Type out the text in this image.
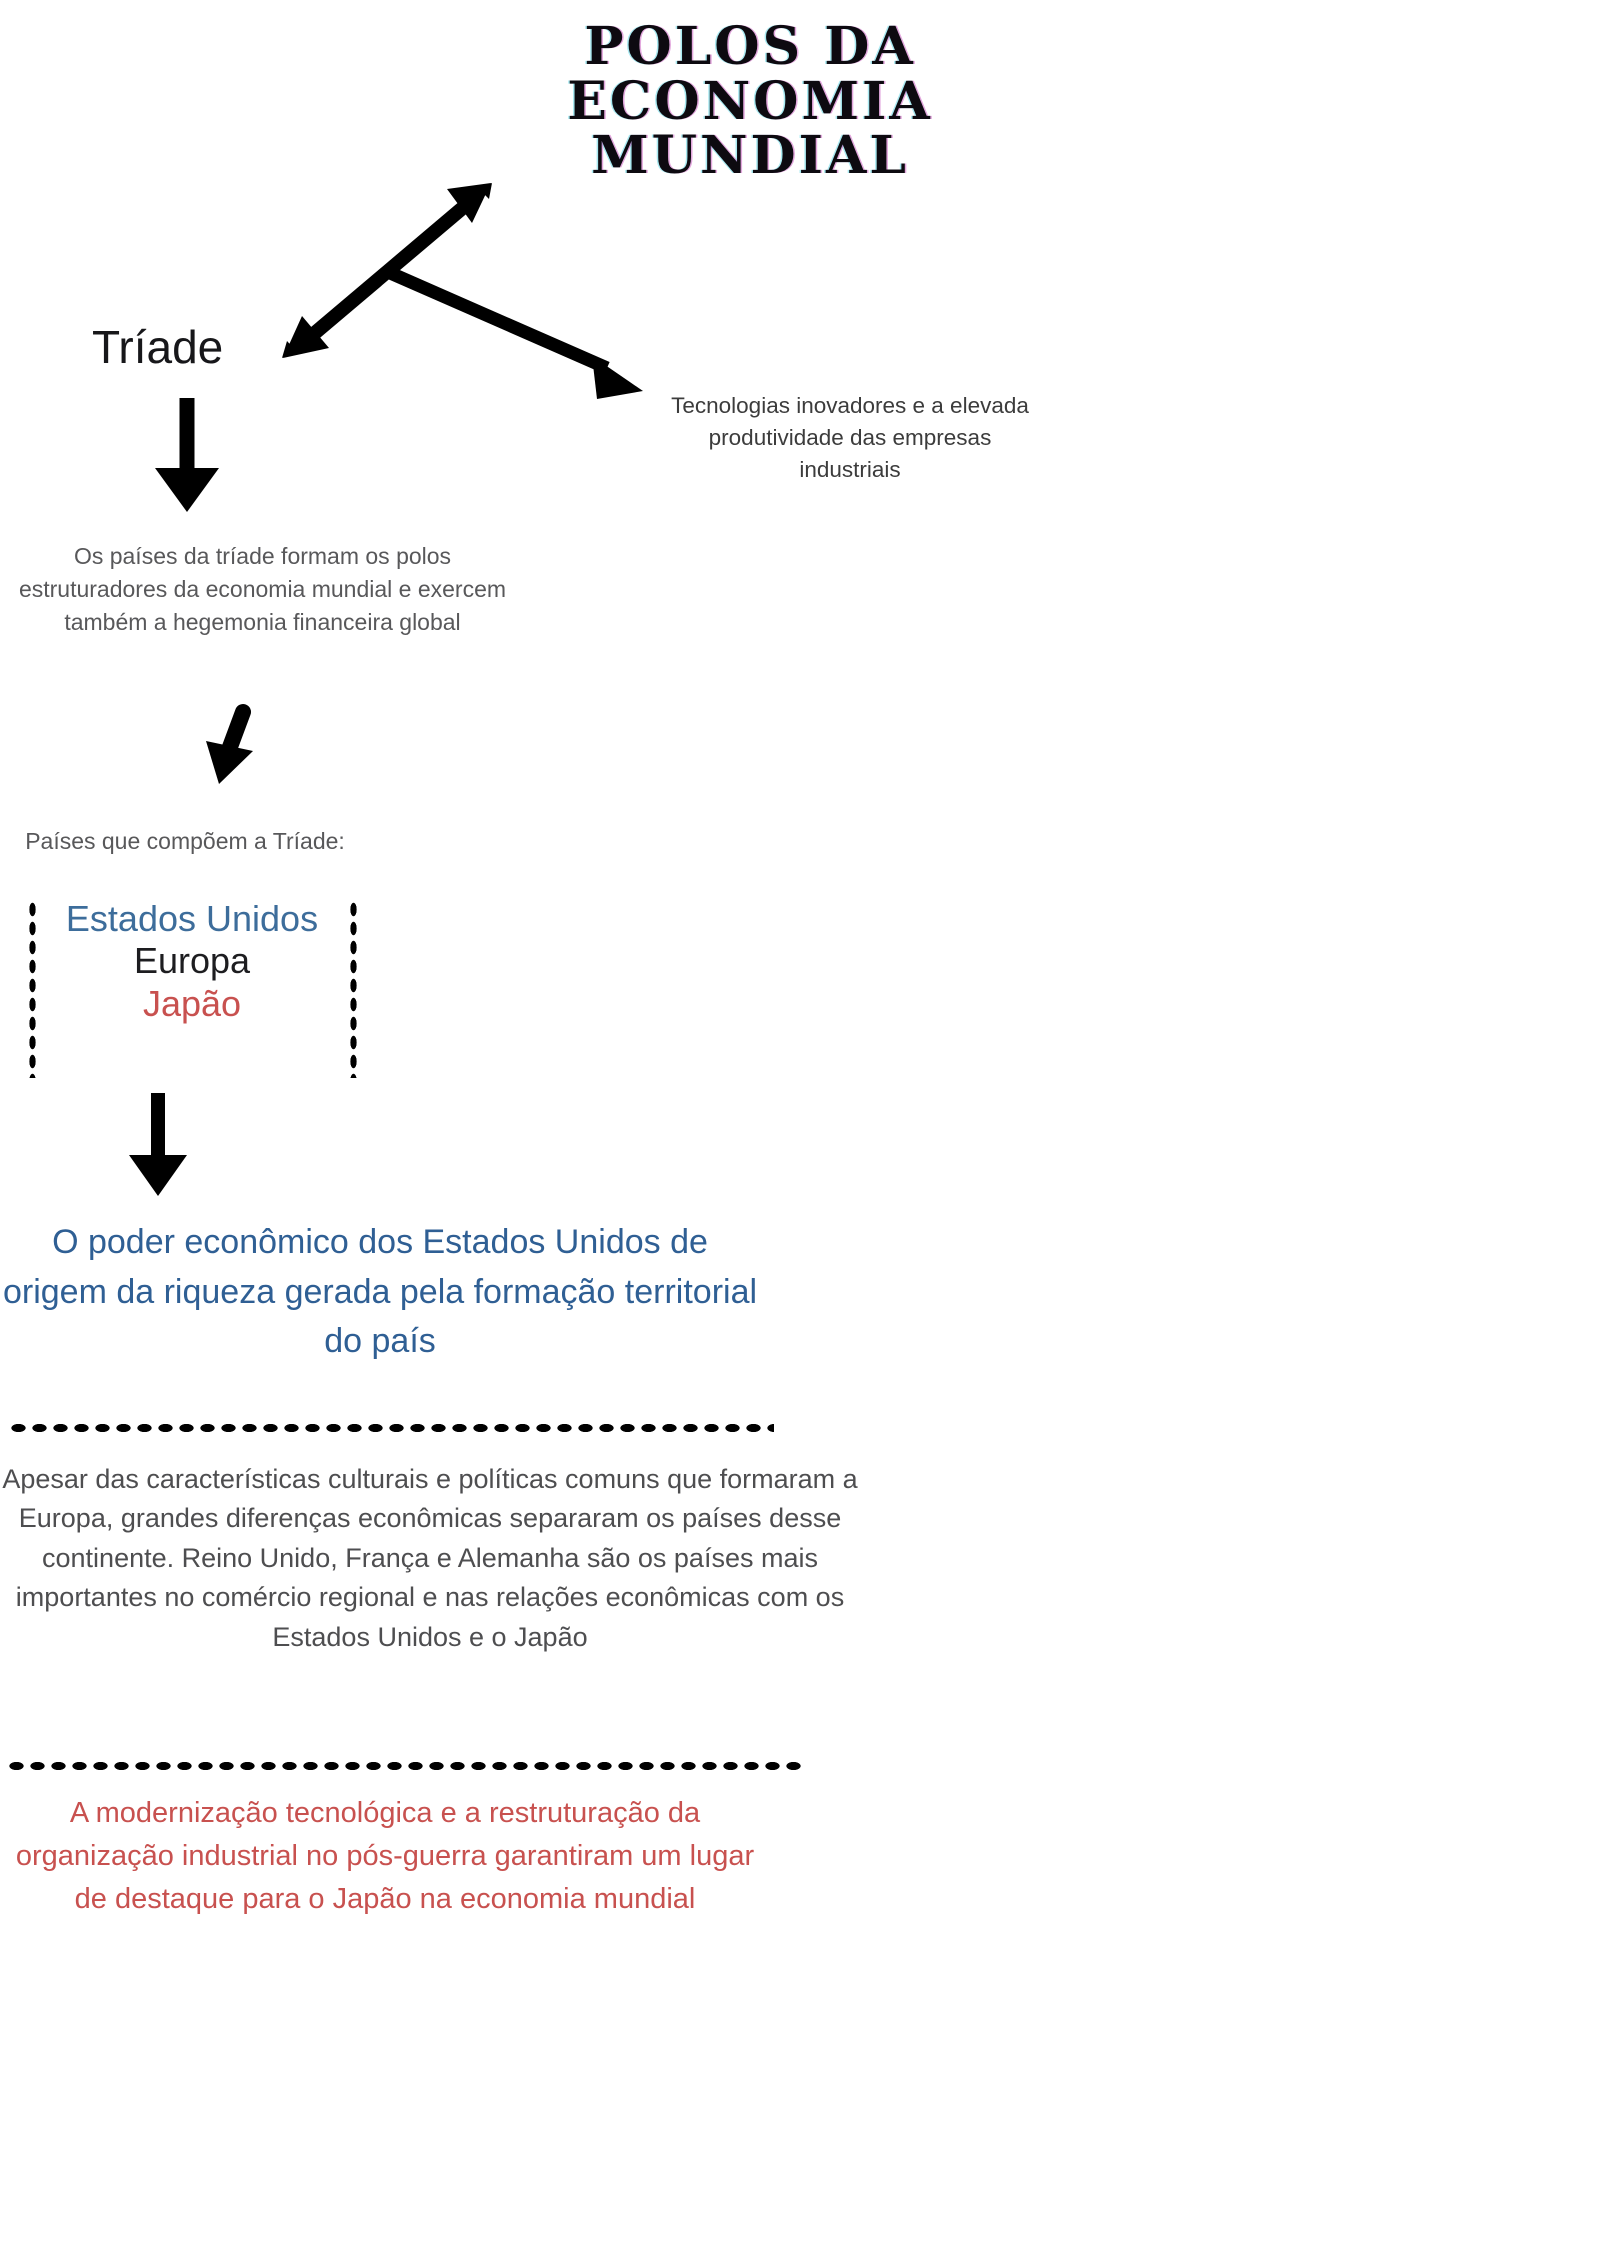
POLOS DA
ECONOMIA
MUNDIAL
Tríade
Tecnologias inovadores e a elevada produtividade das empresas industriais
Os países da tríade formam os polos estruturadores da economia mundial e exercem também a hegemonia financeira global
Países que compõem a Tríade:
Estados Unidos
Europa
Japão
O poder econômico dos Estados Unidos de origem da riqueza gerada pela formação territorial do país
Apesar das características culturais e políticas comuns que formaram a Europa, grandes diferenças econômicas separaram os países desse continente. Reino Unido, França e Alemanha são os países mais importantes no comércio regional e nas relações econômicas com os Estados Unidos e o Japão
A modernização tecnológica e a restruturação da organização industrial no pós-guerra garantiram um lugar de destaque para o Japão na economia mundial
